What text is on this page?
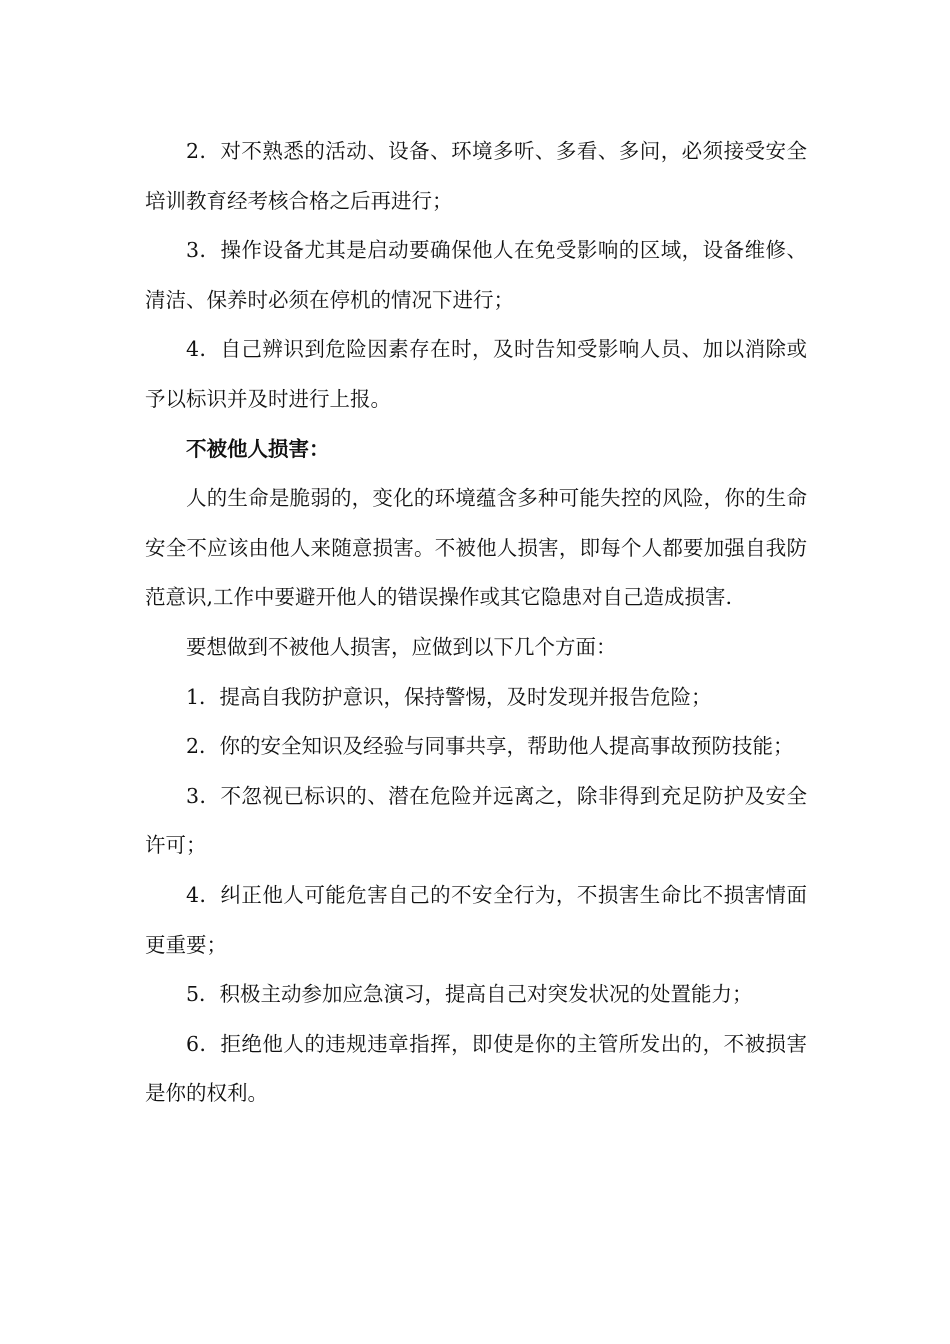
2．对不熟悉的活动、设备、环境多听、多看、多问，必须接受安全培训教育经考核合格之后再进行；

3．操作设备尤其是启动要确保他人在免受影响的区域，设备维修、清洁、保养时必须在停机的情况下进行；

4．自己辨识到危险因素存在时，及时告知受影响人员、加以消除或予以标识并及时进行上报。

不被他人损害：

人的生命是脆弱的，变化的环境蕴含多种可能失控的风险，你的生命安全不应该由他人来随意损害。不被他人损害，即每个人都要加强自我防范意识,工作中要避开他人的错误操作或其它隐患对自己造成损害.

要想做到不被他人损害，应做到以下几个方面：

1．提高自我防护意识，保持警惕，及时发现并报告危险；

2．你的安全知识及经验与同事共享，帮助他人提高事故预防技能；

3．不忽视已标识的、潜在危险并远离之，除非得到充足防护及安全许可；

4．纠正他人可能危害自己的不安全行为，不损害生命比不损害情面更重要；

5．积极主动参加应急演习，提高自己对突发状况的处置能力；

6．拒绝他人的违规违章指挥，即使是你的主管所发出的，不被损害是你的权利。
